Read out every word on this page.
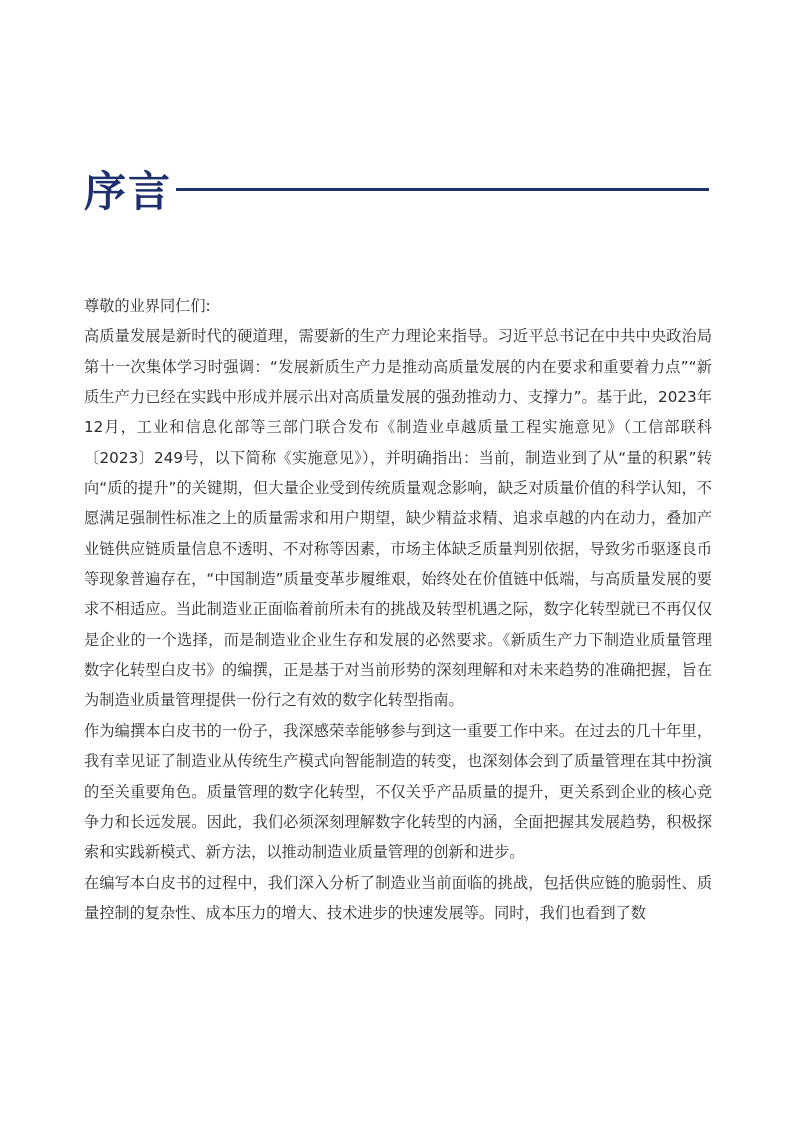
序言

尊敬的业界同仁们:

高质量发展是新时代的硬道理，需要新的生产力理论来指导。习近平总书记在中共中央政治局第十一次集体学习时强调：“发展新质生产力是推动高质量发展的内在要求和重要着力点”“新质生产力已经在实践中形成并展示出对高质量发展的强劲推动力、支撑力”。基于此，2023年12月，工业和信息化部等三部门联合发布《制造业卓越质量工程实施意见》（工信部联科〔2023〕249号，以下简称《实施意见》），并明确指出：当前，制造业到了从“量的积累”转向“质的提升”的关键期，但大量企业受到传统质量观念影响，缺乏对质量价值的科学认知，不愿满足强制性标准之上的质量需求和用户期望，缺少精益求精、追求卓越的内在动力，叠加产业链供应链质量信息不透明、不对称等因素，市场主体缺乏质量判别依据，导致劣币驱逐良币等现象普遍存在，“中国制造”质量变革步履维艰，始终处在价值链中低端，与高质量发展的要求不相适应。当此制造业正面临着前所未有的挑战及转型机遇之际，数字化转型就已不再仅仅是企业的一个选择，而是制造业企业生存和发展的必然要求。《新质生产力下制造业质量管理数字化转型白皮书》的编撰，正是基于对当前形势的深刻理解和对未来趋势的准确把握，旨在为制造业质量管理提供一份行之有效的数字化转型指南。

作为编撰本白皮书的一份子，我深感荣幸能够参与到这一重要工作中来。在过去的几十年里，我有幸见证了制造业从传统生产模式向智能制造的转变，也深刻体会到了质量管理在其中扮演的至关重要角色。质量管理的数字化转型，不仅关乎产品质量的提升，更关系到企业的核心竞争力和长远发展。因此，我们必须深刻理解数字化转型的内涵，全面把握其发展趋势，积极探索和实践新模式、新方法，以推动制造业质量管理的创新和进步。

在编写本白皮书的过程中，我们深入分析了制造业当前面临的挑战，包括供应链的脆弱性、质量控制的复杂性、成本压力的增大、技术进步的快速发展等。同时，我们也看到了数
